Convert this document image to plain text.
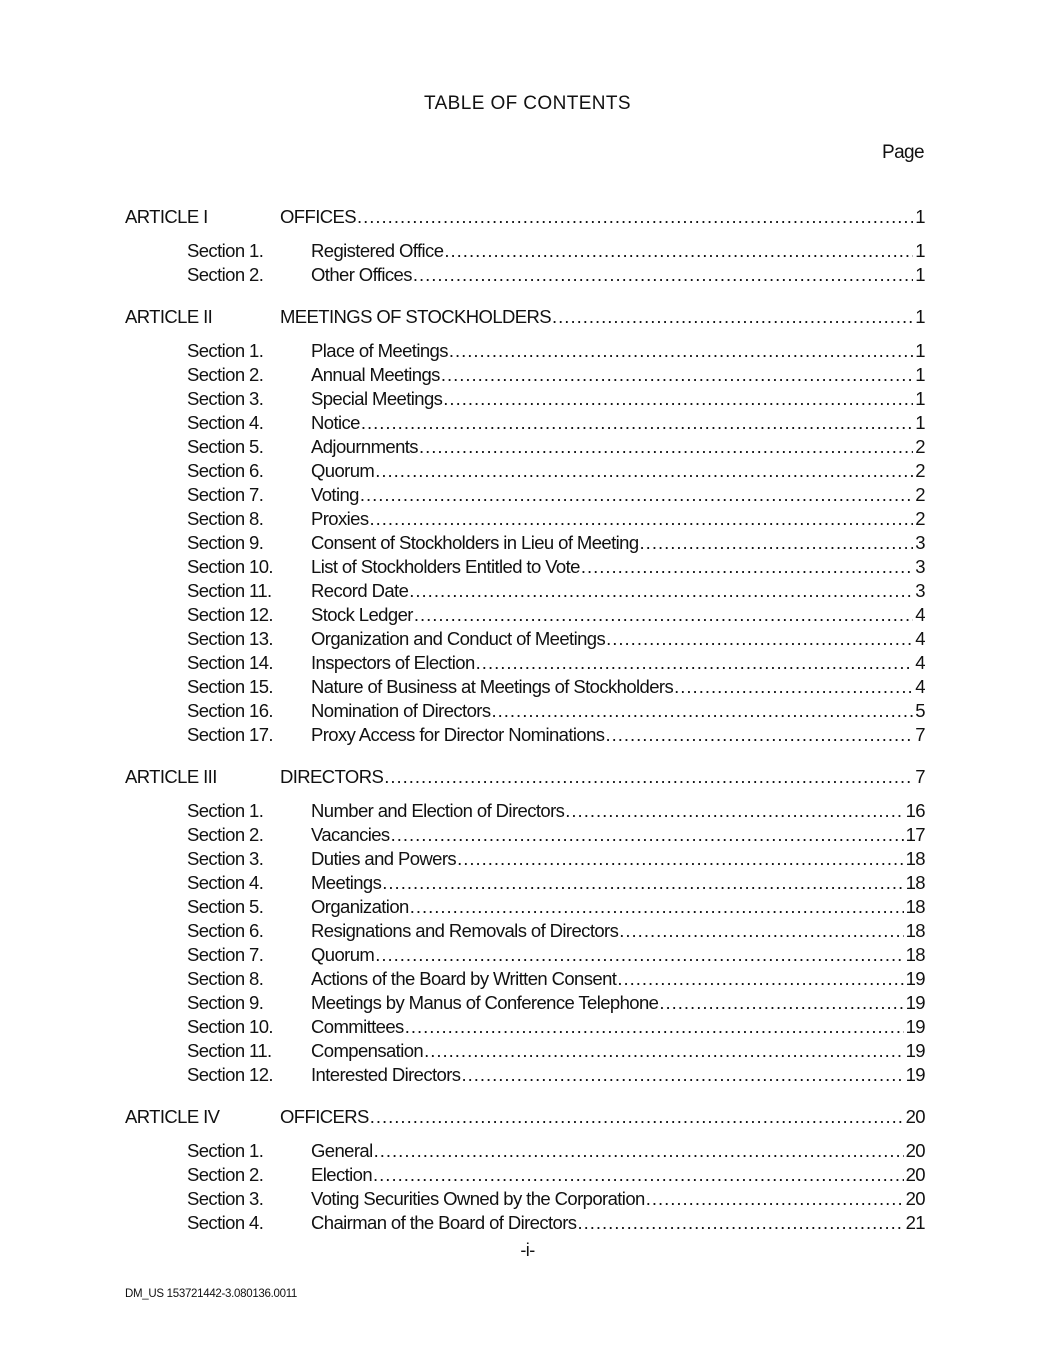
TABLE OF CONTENTS
Page
ARTICLE I	OFFICES .....	1
Section 1.	Registered Office .....	1
Section 2.	Other Offices .....	1
ARTICLE II	MEETINGS OF STOCKHOLDERS .....	1
Section 1.	Place of Meetings .....	1
Section 2.	Annual Meetings .....	1
Section 3.	Special Meetings .....	1
Section 4.	Notice .....	1
Section 5.	Adjournments .....	2
Section 6.	Quorum .....	2
Section 7.	Voting .....	2
Section 8.	Proxies .....	2
Section 9.	Consent of Stockholders in Lieu of Meeting .....	3
Section 10. List of Stockholders Entitled to Vote .....	3
Section 11. Record Date .....	3
Section 12. Stock Ledger .....	4
Section 13. Organization and Conduct of Meetings .....	4
Section 14. Inspectors of Election .....	4
Section 15. Nature of Business at Meetings of Stockholders .....	4
Section 16. Nomination of Directors .....	5
Section 17. Proxy Access for Director Nominations .....	7
ARTICLE III	DIRECTORS .....	7
Section 1.	Number and Election of Directors .....	16
Section 2.	Vacancies .....	17
Section 3.	Duties and Powers .....	18
Section 4.	Meetings .....	18
Section 5.	Organization .....	18
Section 6.	Resignations and Removals of Directors .....	18
Section 7.	Quorum .....	18
Section 8.	Actions of the Board by Written Consent .....	19
Section 9.	Meetings by Manus of Conference Telephone .....	19
Section 10. Committees .....	19
Section 11. Compensation .....	19
Section 12. Interested Directors .....	19
ARTICLE IV	OFFICERS .....	20
Section 1.	General .....	20
Section 2.	Election .....	20
Section 3.	Voting Securities Owned by the Corporation .....	20
Section 4.	Chairman of the Board of Directors .....	21
-i-
DM_US 153721442-3.080136.0011
